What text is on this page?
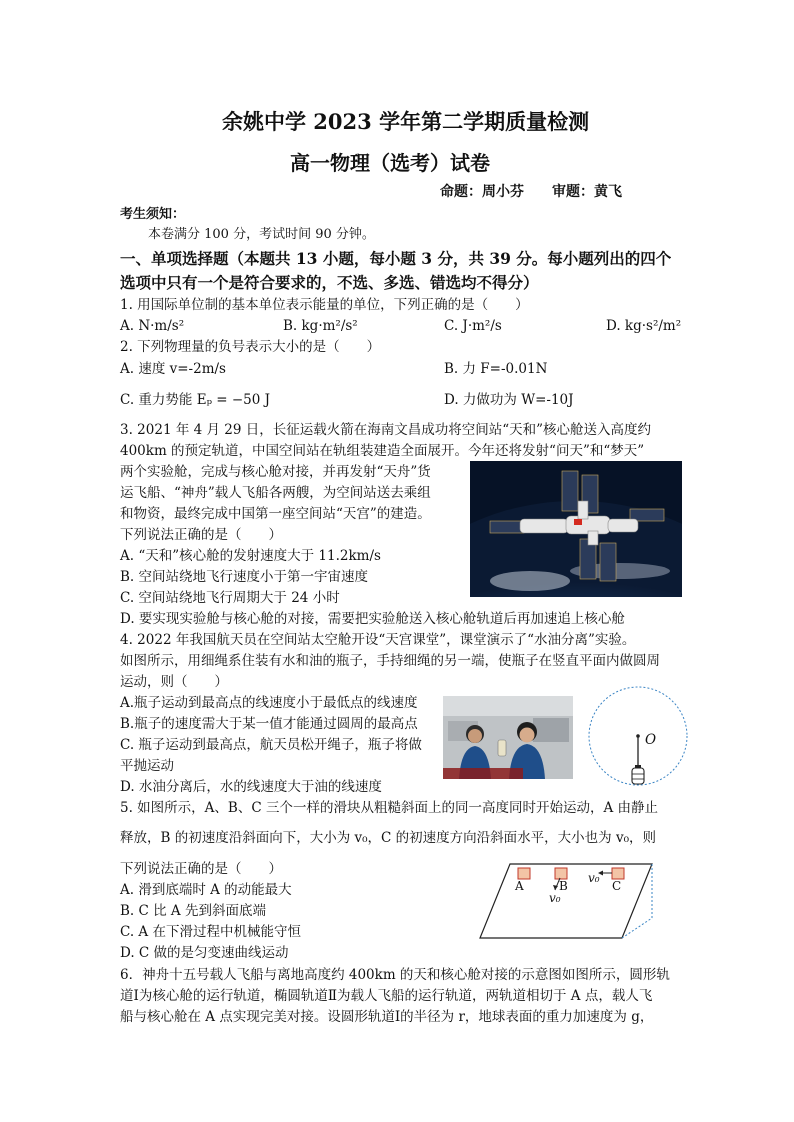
余姚中学 2023 学年第二学期质量检测
高一物理（选考）试卷
命题：周小芬　　审题：黄飞
考生须知：
本卷满分 100 分，考试时间 90 分钟。
一、单项选择题（本题共 13 小题，每小题 3 分，共 39 分。每小题列出的四个
选项中只有一个是符合要求的，不选、多选、错选均不得分）
1. 用国际单位制的基本单位表示能量的单位，下列正确的是（　　）
A. N·m/s²	B. kg·m²/s²	C. J·m²/s	D. kg·s²/m²
2. 下列物理量的负号表示大小的是（　　）
A. 速度 v=-2m/s	B. 力 F=-0.01N
C. 重力势能 Eₚ = −50 J	D. 力做功为 W=-10J
3. 2021 年 4 月 29 日，长征运载火箭在海南文昌成功将空间站“天和”核心舱送入高度约
400km 的预定轨道，中国空间站在轨组装建造全面展开。今年还将发射“问天”和“梦天”
两个实验舱，完成与核心舱对接，并再发射“天舟”货
运飞船、“神舟”载人飞船各两艘，为空间站送去乘组
和物资，最终完成中国第一座空间站“天宫”的建造。
下列说法正确的是（　　）
A. “天和”核心舱的发射速度大于 11.2km/s
B. 空间站绕地飞行速度小于第一宇宙速度
C. 空间站绕地飞行周期大于 24 小时
D. 要实现实验舱与核心舱的对接，需要把实验舱送入核心舱轨道后再加速追上核心舱
4. 2022 年我国航天员在空间站太空舱开设“天宫课堂”，课堂演示了“水油分离”实验。
如图所示，用细绳系住装有水和油的瓶子，手持细绳的另一端，使瓶子在竖直平面内做圆周
运动，则（　　）
A.瓶子运动到最高点的线速度小于最低点的线速度
B.瓶子的速度需大于某一值才能通过圆周的最高点
C. 瓶子运动到最高点，航天员松开绳子，瓶子将做
平抛运动
D. 水油分离后，水的线速度大于油的线速度
O
5. 如图所示，A、B、C 三个一样的滑块从粗糙斜面上的同一高度同时开始运动，A 由静止
释放，B 的初速度沿斜面向下，大小为 v₀，C 的初速度方向沿斜面水平，大小也为 v₀，则
下列说法正确的是（　　）
A. 滑到底端时 A 的动能最大
B. C 比 A 先到斜面底端
C. A 在下滑过程中机械能守恒
D. C 做的是匀变速曲线运动
A	B	C
v₀
v₀
6．神舟十五号载人飞船与离地高度约 400km 的天和核心舱对接的示意图如图所示，圆形轨
道Ⅰ为核心舱的运行轨道，椭圆轨道Ⅱ为载人飞船的运行轨道，两轨道相切于 A 点，载人飞
船与核心舱在 A 点实现完美对接。设圆形轨道Ⅰ的半径为 r，地球表面的重力加速度为 g，
